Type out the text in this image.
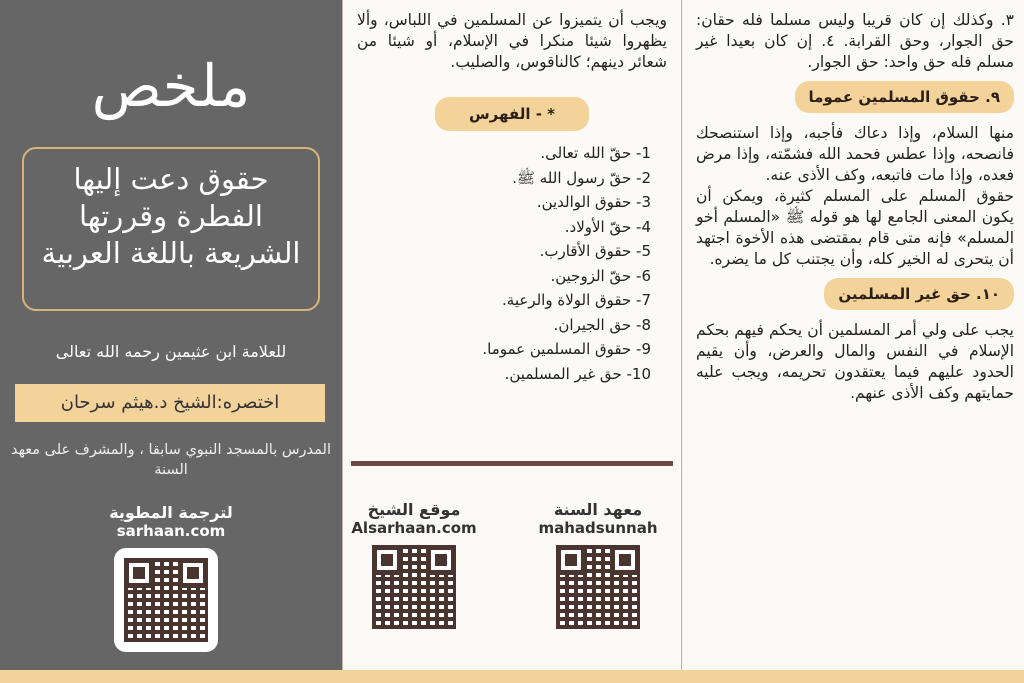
٣. وكذلك إن كان قريبا وليس مسلما فله حقان: حق الجوار، وحق القرابة. ٤. إن كان بعيدا غير مسلم فله حق واحد: حق الجوار.

٩. حقوق المسلمين عموما

منها السلام، وإذا دعاك فأجبه، وإذا استنصحك فانصحه، وإذا عطس فحمد الله فشمّته، وإذا مرض فعده، وإذا مات فاتبعه، وكف الأذى عنه.

حقوق المسلم على المسلم كثيرة، ويمكن أن يكون المعنى الجامع لها هو قوله ﷺ «المسلم أخو المسلم» فإنه متى قام بمقتضى هذه الأخوة اجتهد أن يتحرى له الخير كله، وأن يجتنب كل ما يضره.

١٠. حق غير المسلمين

يجب على ولي أمر المسلمين أن يحكم فيهم بحكم الإسلام في النفس والمال والعرض، وأن يقيم الحدود عليهم فيما يعتقدون تحريمه، ويجب عليه حمايتهم وكف الأذى عنهم.

ويجب أن يتميزوا عن المسلمين في اللباس، وألا يظهروا شيئا منكرا في الإسلام، أو شيئا من شعائر دينهم؛ كالناقوس، والصليب.

* - الفهرس
1- حقّ الله تعالى.
2- حقّ رسول الله ﷺ.
3- حقوق الوالدين.
4- حقّ الأولاد.
5- حقوق الأقارب.
6- حقّ الزوجين.
7- حقوق الولاة والرعية.
8- حق الجيران.
9- حقوق المسلمين عموما.
10- حق غير المسلمين.
معهد السنة
mahadsunnah
موقع الشيخ
Alsarhaan.com
ملخص
حقوق دعت إليها الفطرة وقررتها الشريعة باللغة العربية
للعلامة ابن عثيمين رحمه الله تعالى
اختصره:الشيخ د.هيثم سرحان
المدرس بالمسجد النبوي سابقا ، والمشرف على معهد السنة
لترجمة المطوية
sarhaan.com
